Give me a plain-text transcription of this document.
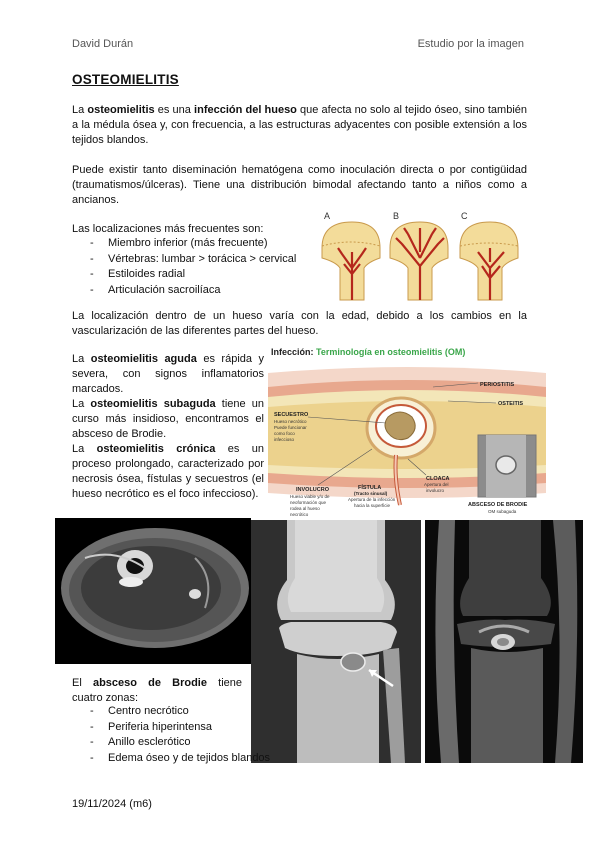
David Durán	Estudio por la imagen
OSTEOMIELITIS
La osteomielitis es una infección del hueso que afecta no solo al tejido óseo, sino también a la médula ósea y, con frecuencia, a las estructuras adyacentes con posible extensión a los tejidos blandos.
Puede existir tanto diseminación hematógena como inoculación directa o por contigüidad (traumatismos/úlceras). Tiene una distribución bimodal afectando tanto a niños como a ancianos.
Las localizaciones más frecuentes son:
- Miembro inferior (más frecuente)
- Vértebras: lumbar > torácica > cervical
- Estiloides radial
- Articulación sacroilíaca
A	B	C
La localización dentro de un hueso varía con la edad, debido a los cambios en la vascularización de las diferentes partes del hueso.
La osteomielitis aguda es rápida y severa, con signos inflamatorios marcados.
La osteomielitis subaguda tiene un curso más insidioso, encontramos el absceso de Brodie.
La osteomielitis crónica es un proceso prolongado, caracterizado por necrosis ósea, fístulas y secuestros (el hueso necrótico es el foco infeccioso).
Infección: Terminología en osteomielitis (OM)
PERIOSTITIS
OSTEITIS
SECUESTRO
Hueso necrótico
Puede funcionar
como foco
infeccioso
INVOLUCRO
Hueso viable y/o de
neoformación que
rodea al hueso
necrótico
FÍSTULA
(Tracto sinusal)
Apertura de la infección
hacia la superficie
CLOACA
Apertura del
involucro
ABSCESO DE BRODIE
OM subaguda
El absceso de Brodie tiene cuatro zonas:
- Centro necrótico
- Periferia hiperintensa
- Anillo esclerótico
- Edema óseo y de tejidos blandos
19/11/2024 (m6)
